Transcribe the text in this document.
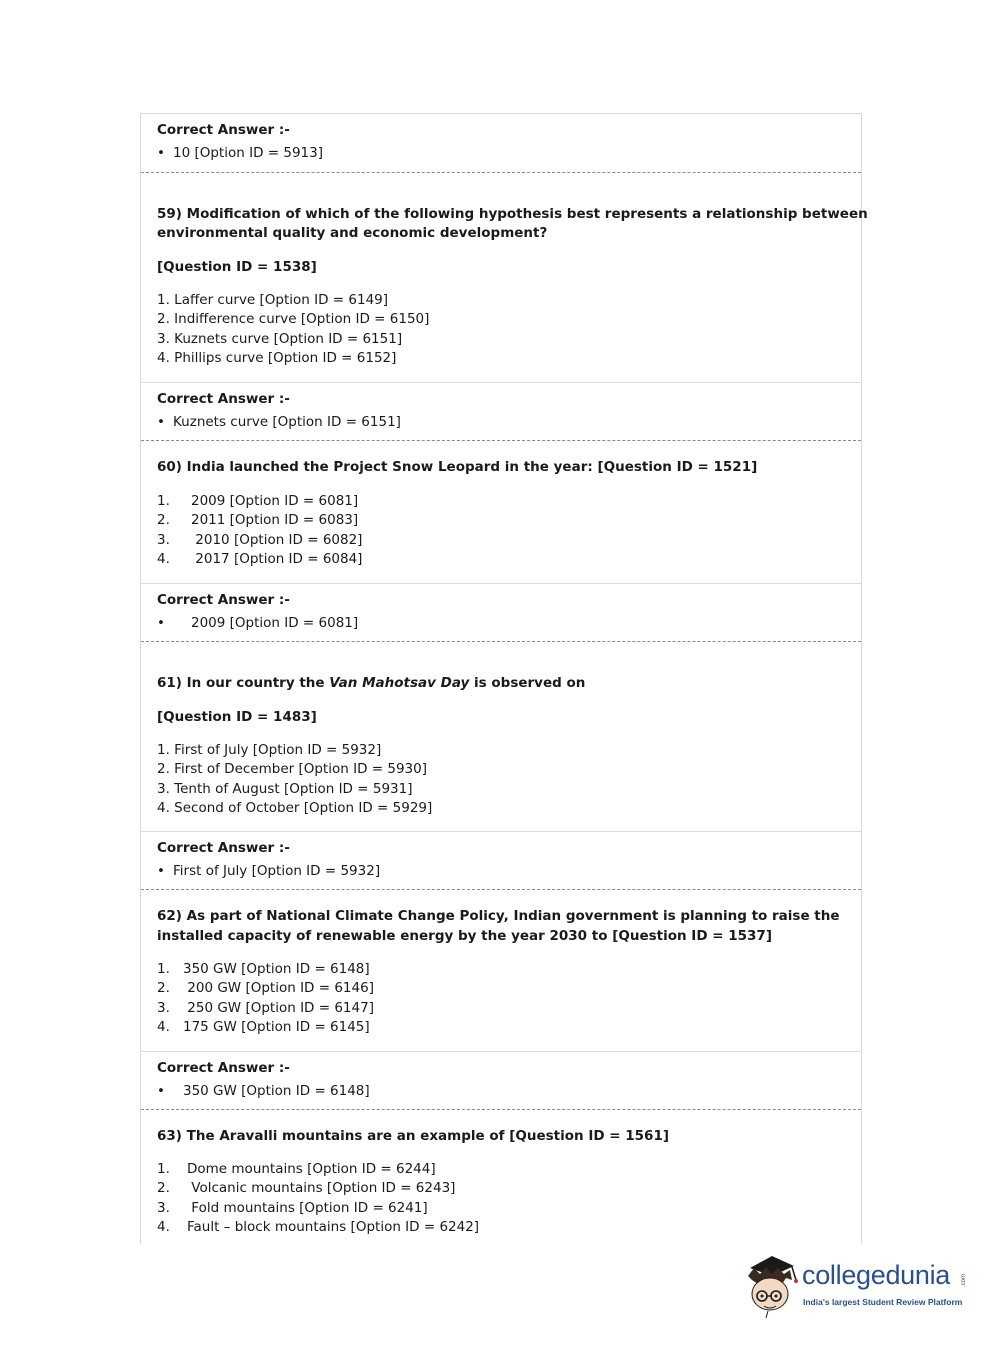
Correct Answer :-
• 10 [Option ID = 5913]
59) Modification of which of the following hypothesis best represents a relationship between
environmental quality and economic development?
[Question ID = 1538]
1. Laffer curve [Option ID = 6149]
2. Indifference curve [Option ID = 6150]
3. Kuznets curve [Option ID = 6151]
4. Phillips curve [Option ID = 6152]
Correct Answer :-
• Kuznets curve [Option ID = 6151]
60) India launched the Project Snow Leopard in the year: [Question ID = 1521]
1. 2009 [Option ID = 6081]
2. 2011 [Option ID = 6083]
3. 2010 [Option ID = 6082]
4. 2017 [Option ID = 6084]
Correct Answer :-
• 2009 [Option ID = 6081]
61) In our country the Van Mahotsav Day is observed on
[Question ID = 1483]
1. First of July [Option ID = 5932]
2. First of December [Option ID = 5930]
3. Tenth of August [Option ID = 5931]
4. Second of October [Option ID = 5929]
Correct Answer :-
• First of July [Option ID = 5932]
62) As part of National Climate Change Policy, Indian government is planning to raise the
installed capacity of renewable energy by the year 2030 to [Question ID = 1537]
1. 350 GW [Option ID = 6148]
2. 200 GW [Option ID = 6146]
3. 250 GW [Option ID = 6147]
4. 175 GW [Option ID = 6145]
Correct Answer :-
• 350 GW [Option ID = 6148]
63) The Aravalli mountains are an example of [Question ID = 1561]
1. Dome mountains [Option ID = 6244]
2. Volcanic mountains [Option ID = 6243]
3. Fold mountains [Option ID = 6241]
4. Fault – block mountains [Option ID = 6242]
collegedunia .com
India's largest Student Review Platform
